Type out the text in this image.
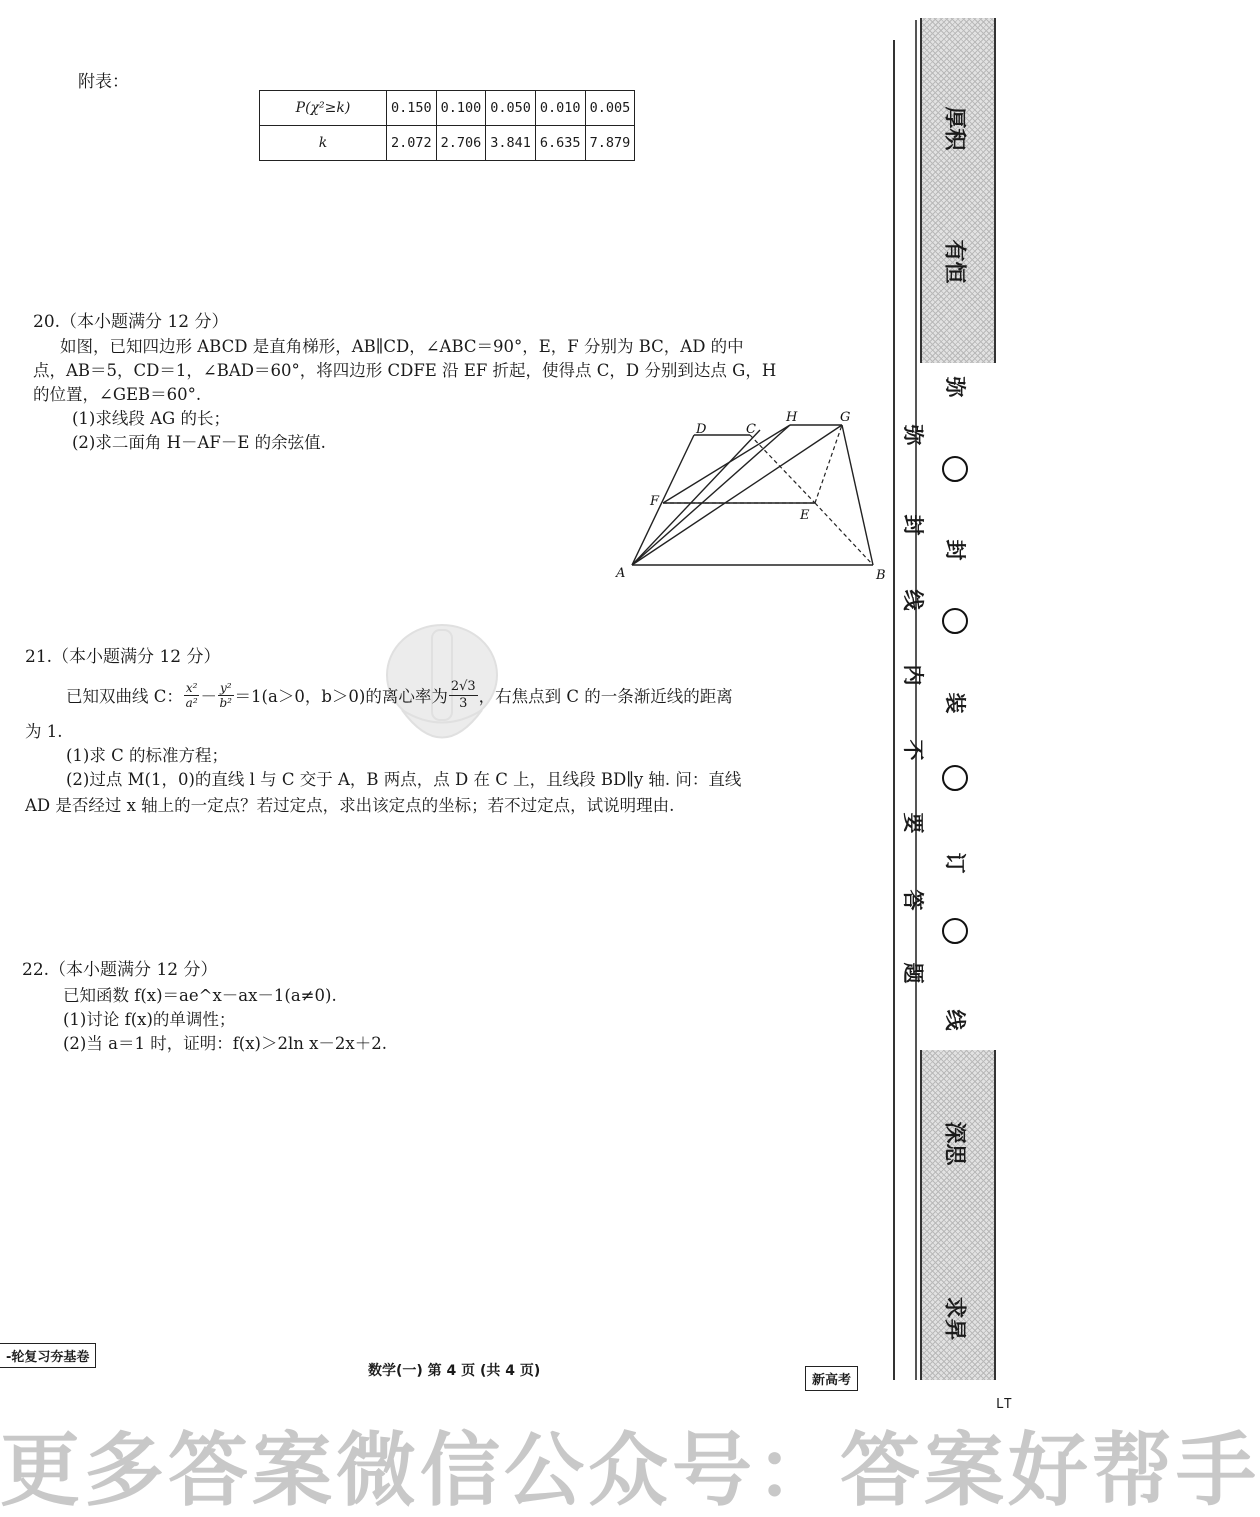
附表：
P(χ²≥k)	0.150	0.100	0.050	0.010	0.005
k	2.072	2.706	3.841	6.635	7.879
20.（本小题满分 12 分）
如图，已知四边形 ABCD 是直角梯形，AB∥CD，∠ABC＝90°，E，F 分别为 BC，AD 的中
点，AB＝5，CD＝1，∠BAD＝60°，将四边形 CDFE 沿 EF 折起，使得点 C，D 分别到达点 G，H
的位置，∠GEB＝60°.
(1)求线段 AG 的长；
(2)求二面角 H－AF－E 的余弦值.
A	B
C
D
E
F
G
H
21.（本小题满分 12 分）
已知双曲线 C： $\frac{\text{x²}}{\text{a²}} - \frac{\text{y²}}{\text{b²}} =1(a>0$，b＞0)的离心率为 $\frac{2√3}{3}$ ，右焦点到 C 的一条渐近线的距离
为 1.
(1)求 C 的标准方程；
(2)过点 M(1，0)的直线 l 与 C 交于 A，B 两点，点 D 在 C 上，且线段 BD∥y 轴. 问：直线
AD 是否经过 x 轴上的一定点？若过定点，求出该定点的坐标；若不过定点，试说明理由.
22.（本小题满分 12 分）
已知函数 f(x)＝ae^x－ax－1(a≠0).
(1)讨论 f(x)的单调性；
(2)当 a＝1 时，证明：f(x)＞2ln x－2x＋2.
厚积
有恒
深思
求昇
弥
封
装
订
线
弥
封
线
内
不
要
答
题
-轮复习夯基卷
数学(一) 第 4 页 (共 4 页)
新高考
LT
更多答案微信公众号：答案好帮手
